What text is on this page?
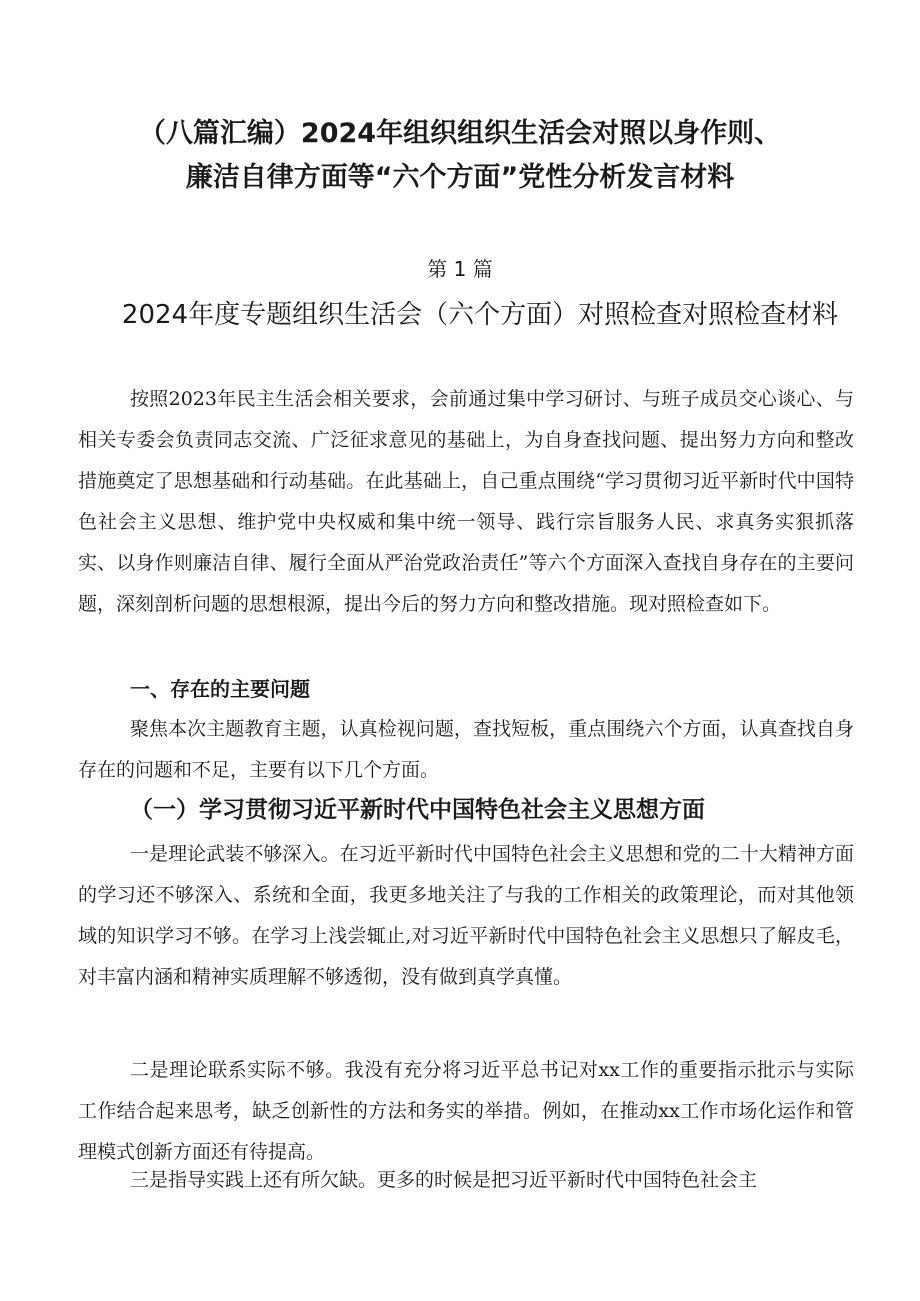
（八篇汇编）2024年组织组织生活会对照以身作则、
廉洁自律方面等“六个方面”党性分析发言材料
第 1 篇
2024年度专题组织生活会（六个方面）对照检查对照检查材料

按照2023年民主生活会相关要求，会前通过集中学习研讨、与班子成员交心谈心、与相关专委会负责同志交流、广泛征求意见的基础上，为自身查找问题、提出努力方向和整改措施奠定了思想基础和行动基础。在此基础上，自己重点围绕“学习贯彻习近平新时代中国特色社会主义思想、维护党中央权威和集中统一领导、践行宗旨服务人民、求真务实狠抓落实、以身作则廉洁自律、履行全面从严治党政治责任”等六个方面深入查找自身存在的主要问题，深刻剖析问题的思想根源，提出今后的努力方向和整改措施。现对照检查如下。

一、存在的主要问题

聚焦本次主题教育主题，认真检视问题，查找短板，重点围绕六个方面，认真查找自身存在的问题和不足，主要有以下几个方面。

（一）学习贯彻习近平新时代中国特色社会主义思想方面

一是理论武装不够深入。在习近平新时代中国特色社会主义思想和党的二十大精神方面的学习还不够深入、系统和全面，我更多地关注了与我的工作相关的政策理论，而对其他领域的知识学习不够。在学习上浅尝辄止,对习近平新时代中国特色社会主义思想只了解皮毛，对丰富内涵和精神实质理解不够透彻，没有做到真学真懂。

二是理论联系实际不够。我没有充分将习近平总书记对xx工作的重要指示批示与实际工作结合起来思考，缺乏创新性的方法和务实的举措。例如，在推动xx工作市场化运作和管理模式创新方面还有待提高。

三是指导实践上还有所欠缺。更多的时候是把习近平新时代中国特色社会主
